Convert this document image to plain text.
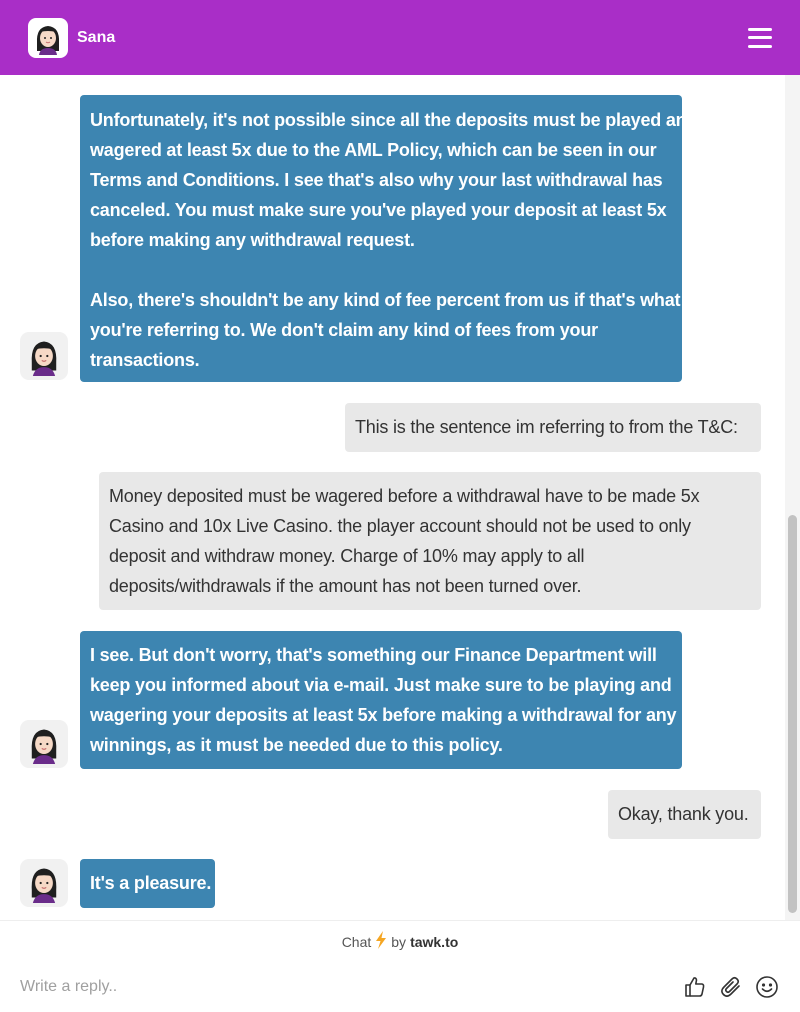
Sana
Unfortunately, it's not possible since all the deposits must be played and
wagered at least 5x due to the AML Policy, which can be seen in our
Terms and Conditions. I see that's also why your last withdrawal has
canceled. You must make sure you've played your deposit at least 5x
before making any withdrawal request.
Also, there's shouldn't be any kind of fee percent from us if that's what
you're referring to. We don't claim any kind of fees from your
transactions.
This is the sentence im referring to from the T&C:
Money deposited must be wagered before a withdrawal have to be made 5x
Casino and 10x Live Casino. the player account should not be used to only
deposit and withdraw money. Charge of 10% may apply to all
deposits/withdrawals if the amount has not been turned over.
I see. But don't worry, that's something our Finance Department will
keep you informed about via e-mail. Just make sure to be playing and
wagering your deposits at least 5x before making a withdrawal for any
winnings, as it must be needed due to this policy.
Okay, thank you.
It's a pleasure.
Chat by tawk.to
Write a reply..
